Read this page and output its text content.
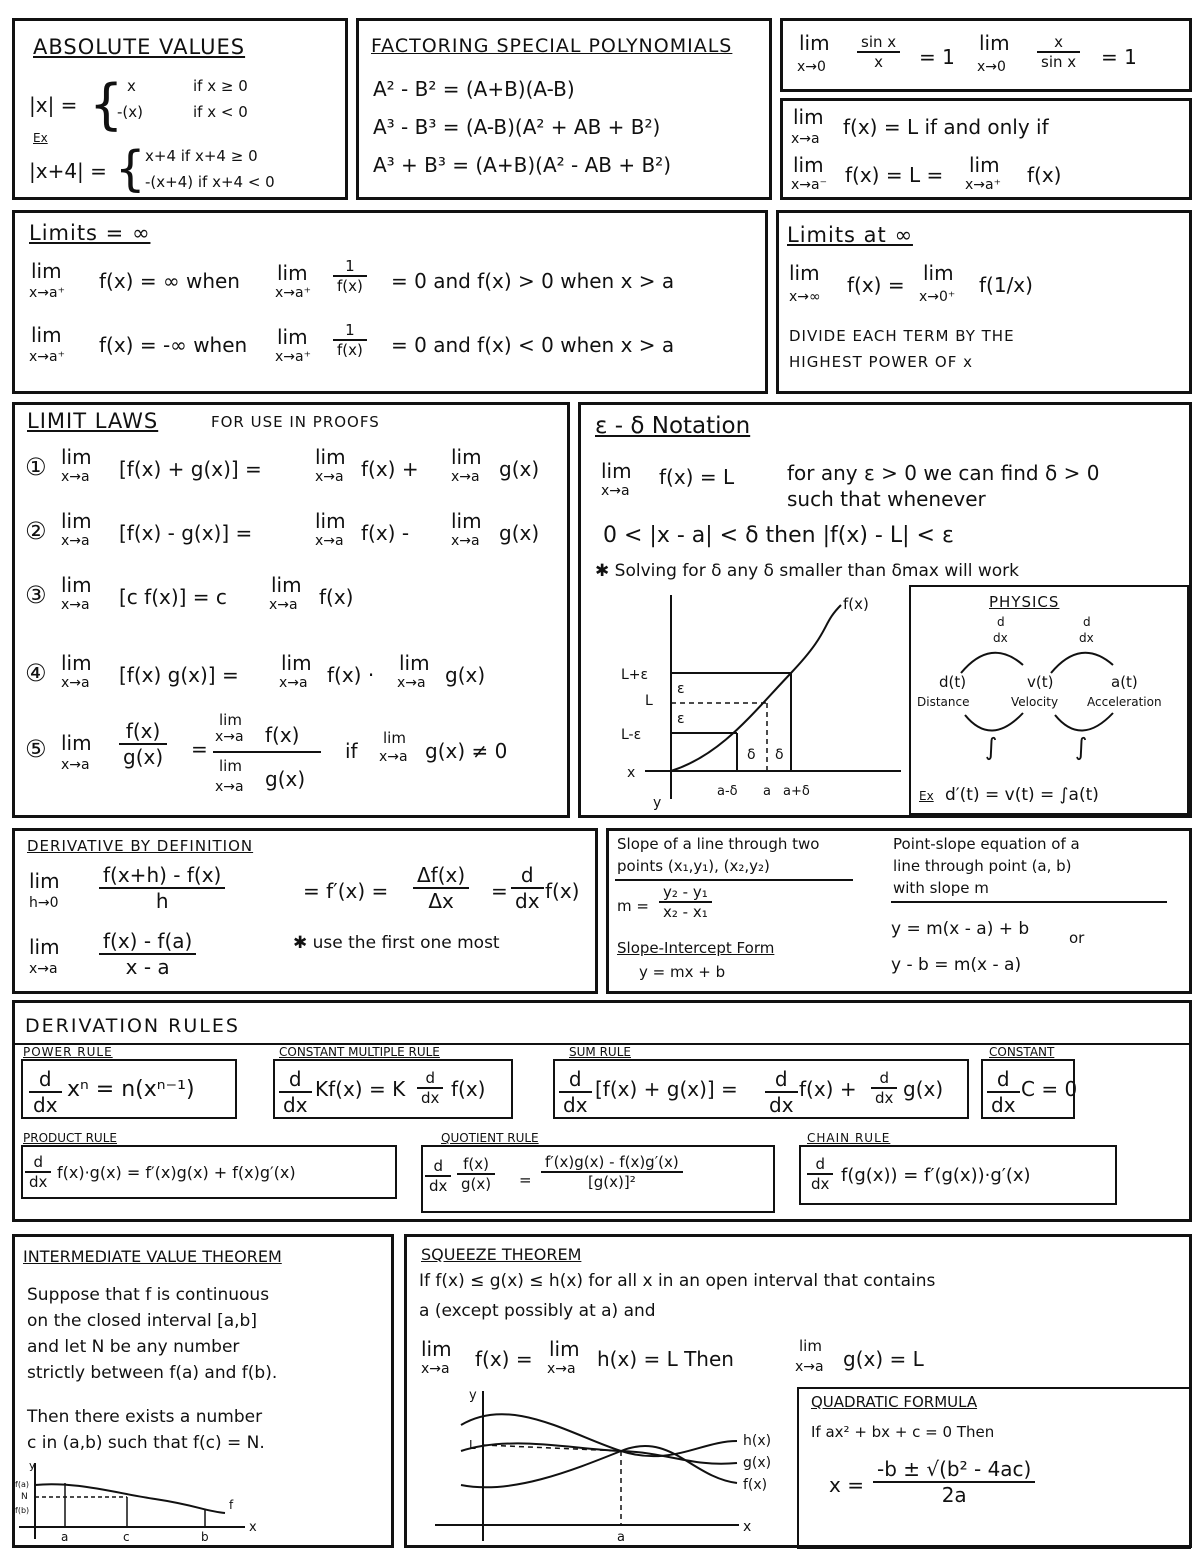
ABSOLUTE VALUES
|x| = { x	if x ≥ 0
-(x)	if x < 0
Ex
|x+4| = { x+4 if x+4 ≥ 0
-(x+4) if x+4 < 0
FACTORING SPECIAL POLYNOMIALS
A² - B² = (A+B)(A-B)
A³ - B³ = (A-B)(A² + AB + B²)
A³ + B³ = (A+B)(A² - AB + B²)
lim
$x\to 0 \frac{\text{sin x}}{x} = 1$
lim
$x\to 0 \frac{x}{\text{sin x}} = 1$
lim
x→a f(x) = L if and only if
lim
x→a⁻ f(x) = L = lim
x→a⁺ f(x)
Limits = ∞
lim
x→a⁺ f(x) = ∞ when lim
$x\to a^+ \frac{1}{f(x)} = 0$ and f(x) > 0 when x > a
lim
x→a⁺ f(x) = -∞ when lim
$x\to a^+ \frac{1}{f(x)} = 0$ and f(x) < 0 when x > a
Limits at ∞
lim
x→∞ f(x) = lim
x→0⁺ f(1/x)
DIVIDE EACH TERM BY THE
HIGHEST POWER OF x
LIMIT LAWS	FOR USE IN PROOFS
① lim
x→a [f(x) + g(x)] =	lim
x→a f(x) + lim
x→a g(x)
② lim
x→a [f(x) - g(x)] =	lim
x→a f(x) - lim
x→a g(x)
③ lim
x→a [c f(x)] = c lim
x→a f(x)
④ lim
x→a [f(x) g(x)] = lim
x→a f(x) · lim
x→a g(x)
⑤ lim
$x\to a \frac{f(x)}{g(x)}$ =
lim
x→a f(x)
lim
x→a g(x)
if
lim
x→a g(x) ≠ 0
ε - δ Notation
lim
x→a
f(x) = L	for any ε > 0 we can find δ > 0
such that whenever
0 < |x - a| < δ then |f(x) - L| < ε
✱ Solving for δ any δ smaller than δmax will work
f(x)
L+ε
L
L-ε
ε
ε
δ δ
x
y
a-δ a a+δ
PHYSICS
d
dx
d
dx
d(t)	v(t)	a(t)
Distance	Velocity Acceleration
∫	∫
Ex d′(t) = v(t) = ∫a(t)
DERIVATIVE BY DEFINITION
lim
$h\to 0 \frac{f(x+h) - f(x)}{h}$	= $f'(x) = \frac{\Delta f(x)}{\Delta x} = \frac{d}{dx} f(x)$
lim
$x\to a \frac{f(x) - f(a)}{x - a}$	✱ use the first one most
Slope of a line through two
points (x₁,y₁), (x₂,y₂)
$m = \frac{\text{y₂ - y₁}}{\text{x₂ - x₁}}$
Slope-Intercept Form
y = mx + b
Point-slope equation of a
line through point (a, b)
with slope m
y = m(x - a) + b	or
y - b = m(x - a)
DERIVATION RULES
POWER RULE
$\frac{d}{dx}$ xⁿ = n(xⁿ⁻¹)
CONSTANT MULTIPLE RULE
$\frac{d}{dx} Kf(x) = K \frac{d}{dx} f(x)$
SUM RULE
$\frac{d}{dx} [f(x) + g(x)] = \frac{d}{dx} f(x) + \frac{d}{dx} g(x)$
CONSTANT
$\frac{d}{dx}$ C = 0
PRODUCT RULE
$\frac{d}{dx} f(x)\cdot g(x) = f'(x)g(x) + f(x)g'(x)$
QUOTIENT RULE
$\frac{d}{dx} \frac{f(x)}{g(x)} = \frac{f'(x)g(x) - f(x)g'(x)}{\text{[g(x)]²}}$
CHAIN RULE
$\frac{d}{dx} f(g(x)) = f'(g(x))\cdot g'(x)$
INTERMEDIATE VALUE THEOREM
Suppose that f is continuous
on the closed interval [a,b]
and let N be any number
strictly between f(a) and f(b).
Then there exists a number
c in (a,b) such that f(c) = N.
y
f(a)
N
f(b)	f
x
a	c	b
SQUEEZE THEOREM
If f(x) ≤ g(x) ≤ h(x) for all x in an open interval that contains
a (except possibly at a) and
lim
x→a f(x) = lim
x→a h(x) = L Then
lim
x→a g(x) = L
y
L	h(x)
g(x)
f(x)
x
a
QUADRATIC FORMULA
If ax² + bx + c = 0 Then
$x = \frac{\text{-b ± √(b² - 4ac)}}{2a}$
